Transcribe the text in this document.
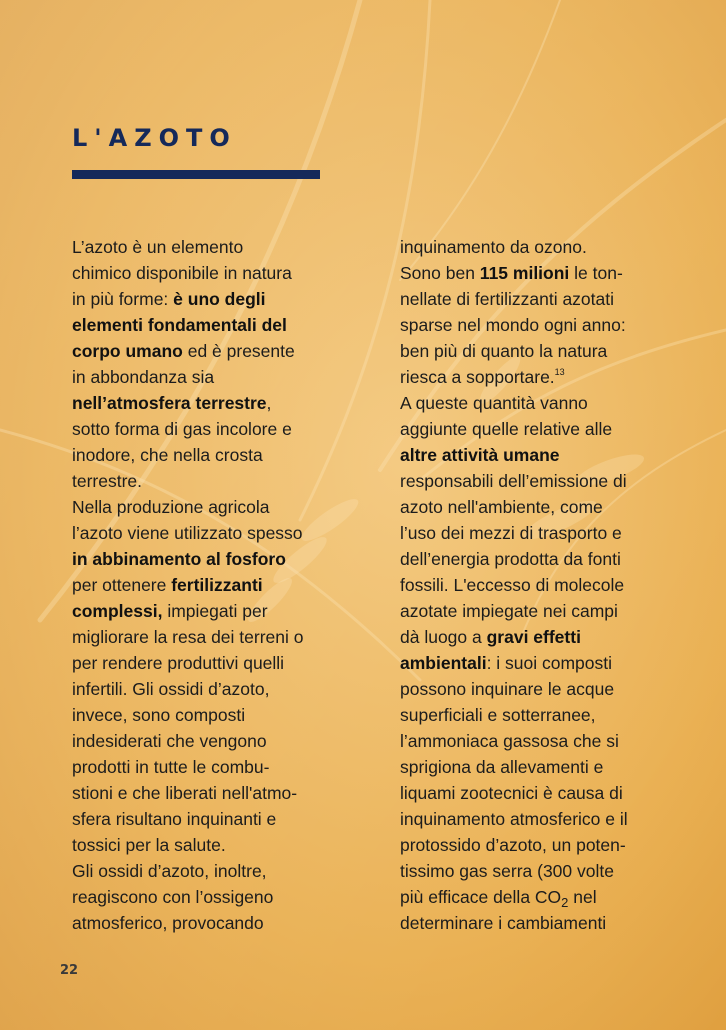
L'AZOTO
L’azoto è un elemento
chimico disponibile in natura
in più forme: è uno degli
elementi fondamentali del
corpo umano ed è presente
in abbondanza sia
nell’atmosfera terrestre,
sotto forma di gas incolore e
inodore, che nella crosta
terrestre.
Nella produzione agricola
l’azoto viene utilizzato spesso
in abbinamento al fosforo
per ottenere fertilizzanti
complessi, impiegati per
migliorare la resa dei terreni o
per rendere produttivi quelli
infertili. Gli ossidi d’azoto,
invece, sono composti
indesiderati che vengono
prodotti in tutte le combu-
stioni e che liberati nell'atmo-
sfera risultano inquinanti e
tossici per la salute.
Gli ossidi d’azoto, inoltre,
reagiscono con l’ossigeno
atmosferico, provocando
inquinamento da ozono.
Sono ben 115 milioni le ton-
nellate di fertilizzanti azotati
sparse nel mondo ogni anno:
ben più di quanto la natura
riesca a sopportare.$^{13}$
A queste quantità vanno
aggiunte quelle relative alle
altre attività umane
responsabili dell’emissione di
azoto nell'ambiente, come
l’uso dei mezzi di trasporto e
dell’energia prodotta da fonti
fossili. L'eccesso di molecole
azotate impiegate nei campi
dà luogo a gravi effetti
ambientali: i suoi composti
possono inquinare le acque
superficiali e sotterranee,
l’ammoniaca gassosa che si
sprigiona da allevamenti e
liquami zootecnici è causa di
inquinamento atmosferico e il
protossido d’azoto, un poten-
tissimo gas serra (300 volte
più efficace della $CO_2$ nel
determinare i cambiamenti
22
